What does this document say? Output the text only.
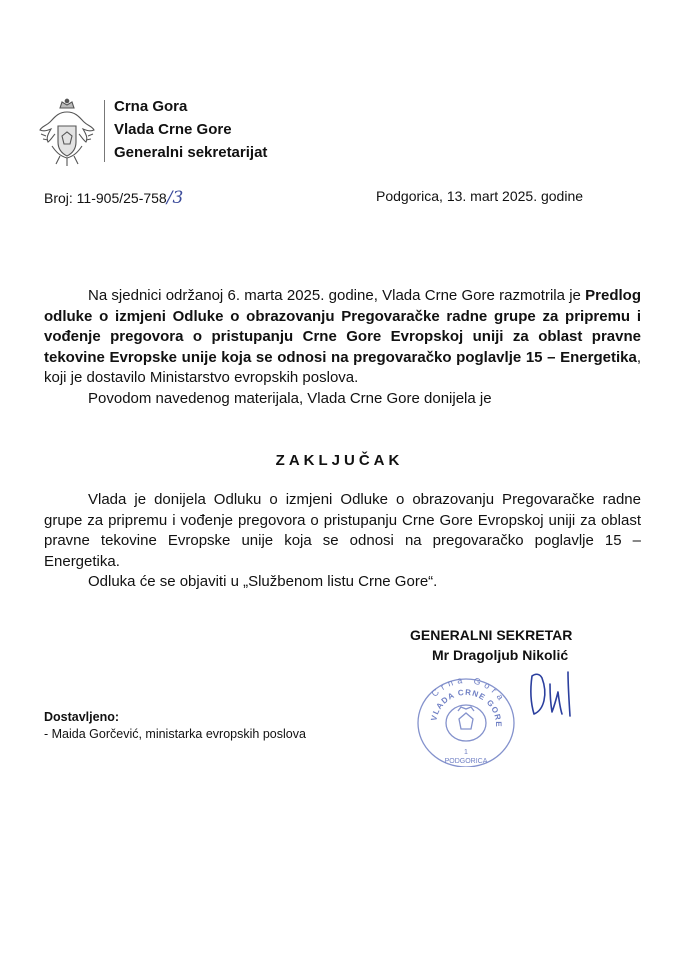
Crna Gora
Vlada Crne Gore
Generalni sekretarijat
Broj: 11-905/25-758/3	Podgorica, 13. mart 2025. godine

Na sjednici održanoj 6. marta 2025. godine, Vlada Crne Gore razmotrila je Predlog odluke o izmjeni Odluke o obrazovanju Pregovaračke radne grupe za pripremu i vođenje pregovora o pristupanju Crne Gore Evropskoj uniji za oblast pravne tekovine Evropske unije koja se odnosi na pregovaračko poglavlje 15 – Energetika, koji je dostavilo Ministarstvo evropskih poslova.

Povodom navedenog materijala, Vlada Crne Gore donijela je

ZAKLJUČAK

Vlada je donijela Odluku o izmjeni Odluke o obrazovanju Pregovaračke radne grupe za pripremu i vođenje pregovora o pristupanju Crne Gore Evropskoj uniji za oblast pravne tekovine Evropske unije koja se odnosi na pregovaračko poglavlje 15 – Energetika.

Odluka će se objaviti u „Službenom listu Crne Gore“.

GENERALNI SEKRETAR
Mr Dragoljub Nikolić
Crna Gora
VLADA CRNE GORE
1
PODGORICA
Dostavljeno:
- Maida Gorčević, ministarka evropskih poslova
